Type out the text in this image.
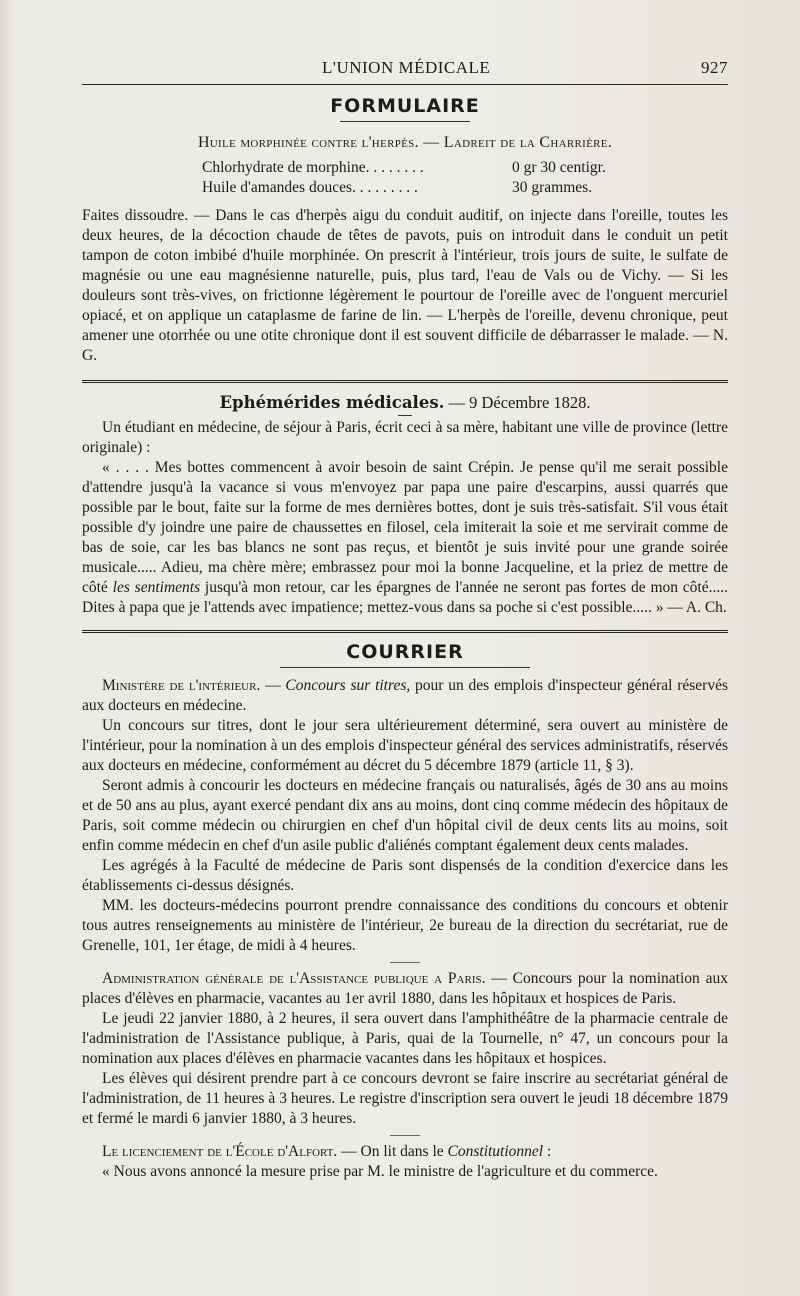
L'UNION MÉDICALE	927
FORMULAIRE
Huile morphinée contre l'herpès. — Ladreit de la Charrière.
Chlorhydrate de morphine. . . . . . . .	0 gr 30 centigr.
Huile d'amandes douces. . . . . . . . .	30 grammes.

Faites dissoudre. — Dans le cas d'herpès aigu du conduit auditif, on injecte dans l'oreille, toutes les deux heures, de la décoction chaude de têtes de pavots, puis on introduit dans le conduit un petit tampon de coton imbibé d'huile morphinée. On prescrit à l'intérieur, trois jours de suite, le sulfate de magnésie ou une eau magnésienne naturelle, puis, plus tard, l'eau de Vals ou de Vichy. — Si les douleurs sont très-vives, on frictionne légèrement le pourtour de l'oreille avec de l'onguent mercuriel opiacé, et on applique un cataplasme de farine de lin. — L'herpès de l'oreille, devenu chronique, peut amener une otorrhée ou une otite chronique dont il est souvent difficile de débarrasser le malade. — N. G.

Ephémérides médicales. — 9 Décembre 1828.

Un étudiant en médecine, de séjour à Paris, écrit ceci à sa mère, habitant une ville de province (lettre originale) :

« . . . . Mes bottes commencent à avoir besoin de saint Crépin. Je pense qu'il me serait possible d'attendre jusqu'à la vacance si vous m'envoyez par papa une paire d'escarpins, aussi quarrés que possible par le bout, faite sur la forme de mes dernières bottes, dont je suis très-satisfait. S'il vous était possible d'y joindre une paire de chaussettes en filosel, cela imiterait la soie et me servirait comme de bas de soie, car les bas blancs ne sont pas reçus, et bientôt je suis invité pour une grande soirée musicale..... Adieu, ma chère mère; embrassez pour moi la bonne Jacqueline, et la priez de mettre de côté les sentiments jusqu'à mon retour, car les épargnes de l'année ne seront pas fortes de mon côté..... Dites à papa que je l'attends avec impatience; mettez-vous dans sa poche si c'est possible..... » — A. Ch.

COURRIER

Ministère de l'intérieur. — Concours sur titres, pour un des emplois d'inspecteur général réservés aux docteurs en médecine.

Un concours sur titres, dont le jour sera ultérieurement déterminé, sera ouvert au ministère de l'intérieur, pour la nomination à un des emplois d'inspecteur général des services administratifs, réservés aux docteurs en médecine, conformément au décret du 5 décembre 1879 (article 11, § 3).

Seront admis à concourir les docteurs en médecine français ou naturalisés, âgés de 30 ans au moins et de 50 ans au plus, ayant exercé pendant dix ans au moins, dont cinq comme médecin des hôpitaux de Paris, soit comme médecin ou chirurgien en chef d'un hôpital civil de deux cents lits au moins, soit enfin comme médecin en chef d'un asile public d'aliénés comptant également deux cents malades.

Les agrégés à la Faculté de médecine de Paris sont dispensés de la condition d'exercice dans les établissements ci-dessus désignés.

MM. les docteurs-médecins pourront prendre connaissance des conditions du concours et obtenir tous autres renseignements au ministère de l'intérieur, 2e bureau de la direction du secrétariat, rue de Grenelle, 101, 1er étage, de midi à 4 heures.

Administration générale de l'Assistance publique a Paris. — Concours pour la nomination aux places d'élèves en pharmacie, vacantes au 1er avril 1880, dans les hôpitaux et hospices de Paris.

Le jeudi 22 janvier 1880, à 2 heures, il sera ouvert dans l'amphithéâtre de la pharmacie centrale de l'administration de l'Assistance publique, à Paris, quai de la Tournelle, n° 47, un concours pour la nomination aux places d'élèves en pharmacie vacantes dans les hôpitaux et hospices.

Les élèves qui désirent prendre part à ce concours devront se faire inscrire au secrétariat général de l'administration, de 11 heures à 3 heures. Le registre d'inscription sera ouvert le jeudi 18 décembre 1879 et fermé le mardi 6 janvier 1880, à 3 heures.

Le licenciement de l'École d'Alfort. — On lit dans le Constitutionnel :

« Nous avons annoncé la mesure prise par M. le ministre de l'agriculture et du commerce.
